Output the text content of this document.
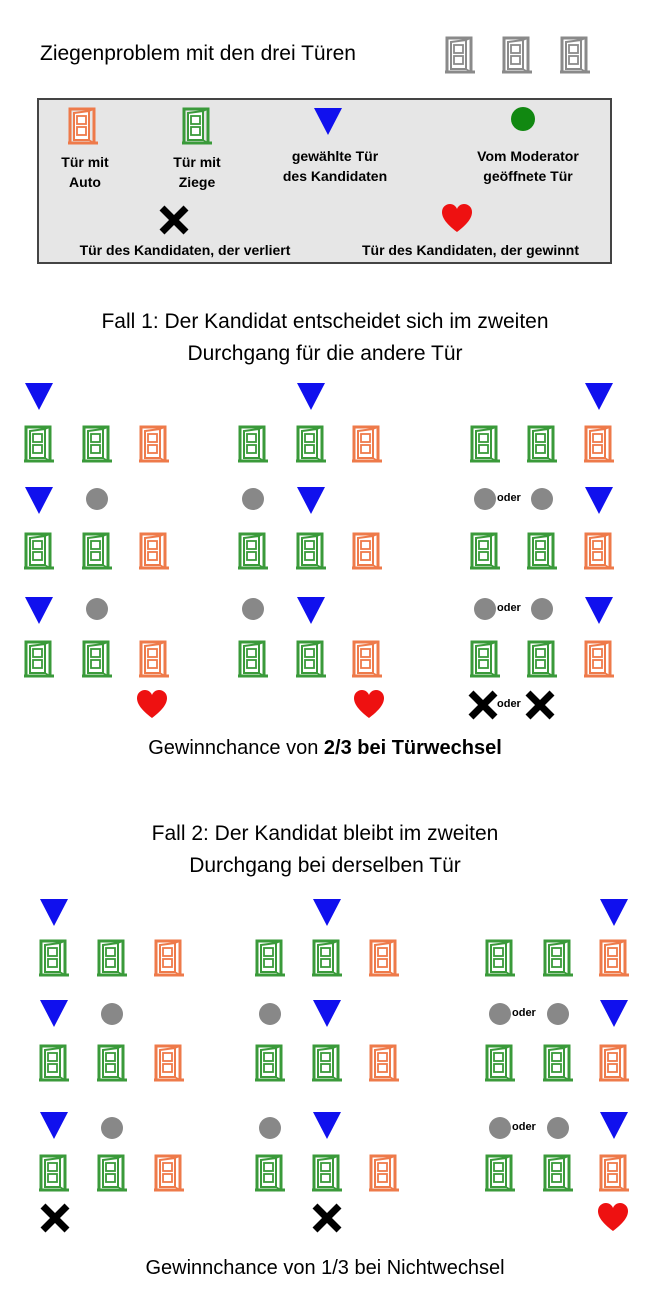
Ziegenproblem mit den drei Türen
Tür mit
Auto
Tür mit
Ziege
gewählte Tür
des Kandidaten
Vom Moderator
geöffnete Tür
Tür des Kandidaten, der verliert	Tür des Kandidaten, der gewinnt
Fall 1: Der Kandidat entscheidet sich im zweiten
Durchgang für die andere Tür
Gewinnchance von 2/3 bei Türwechsel
Fall 2: Der Kandidat bleibt im zweiten
Durchgang bei derselben Tür
Gewinnchance von 1/3 bei Nichtwechsel
oder
oder
oder
oder
oder
